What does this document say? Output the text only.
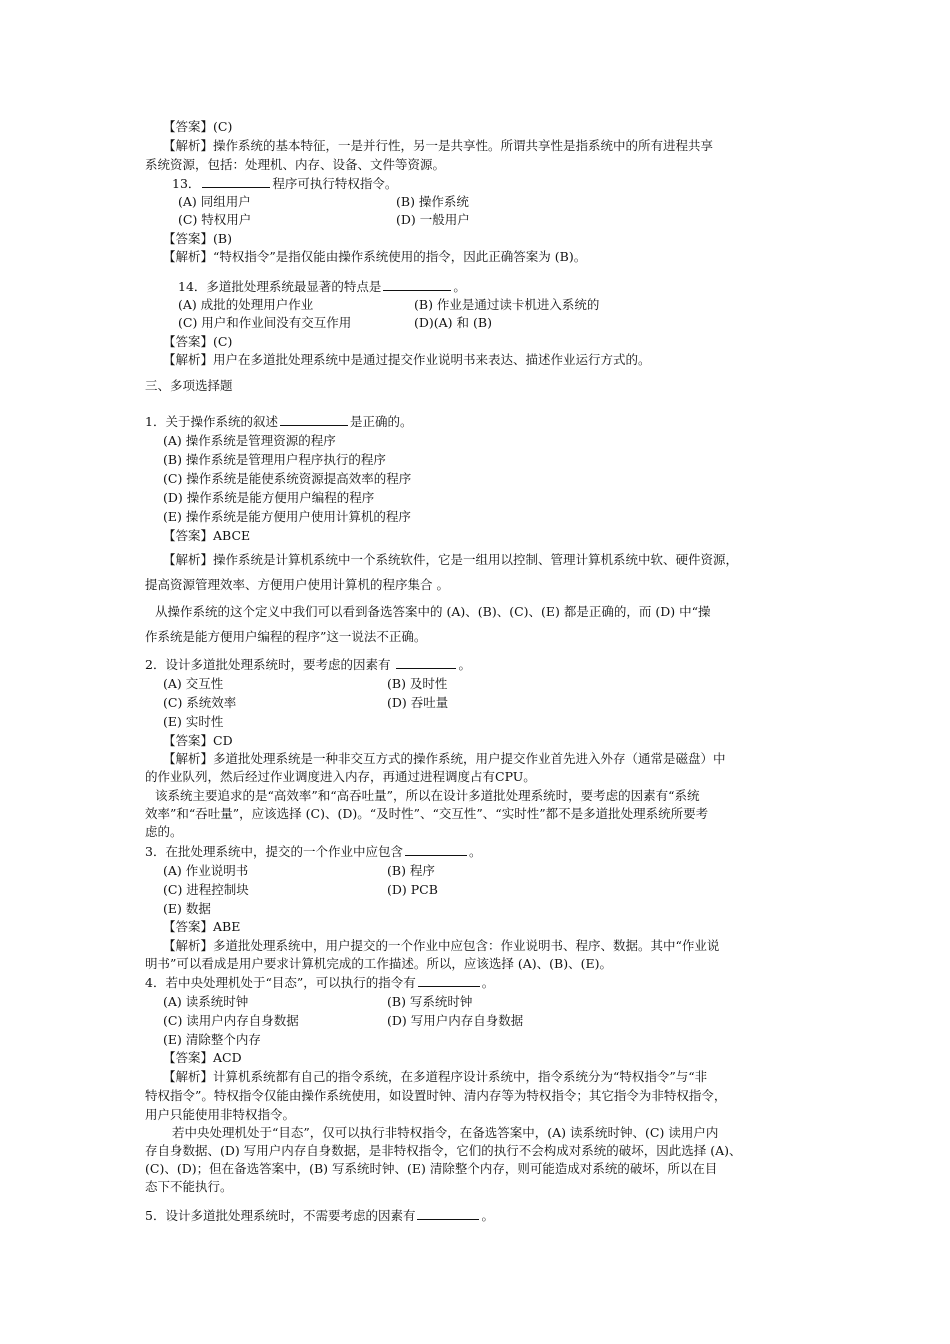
【答案】(C)
【解析】操作系统的基本特征，一是并行性，另一是共享性。所谓共享性是指系统中的所有进程共享
系统资源，包括：处理机、内存、设备、文件等资源。
13．	程序可执行特权指令。
(A) 同组用户	(B) 操作系统
(C) 特权用户	(D) 一般用户
【答案】(B)
【解析】“特权指令”是指仅能由操作系统使用的指令，因此正确答案为 (B)。
14．多道批处理系统最显著的特点是	。
(A) 成批的处理用户作业	(B) 作业是通过读卡机进入系统的
(C) 用户和作业间没有交互作用	(D)(A) 和 (B)
【答案】(C)
【解析】用户在多道批处理系统中是通过提交作业说明书来表达、描述作业运行方式的。
三、多项选择题
1．关于操作系统的叙述	是正确的。
(A) 操作系统是管理资源的程序
(B) 操作系统是管理用户程序执行的程序
(C) 操作系统是能使系统资源提高效率的程序
(D) 操作系统是能方便用户编程的程序
(E) 操作系统是能方便用户使用计算机的程序
【答案】ABCE
【解析】操作系统是计算机系统中一个系统软件，它是一组用以控制、管理计算机系统中软、硬件资源，
提高资源管理效率、方便用户使用计算机的程序集合 。
从操作系统的这个定义中我们可以看到备选答案中的 (A)、(B)、(C)、(E) 都是正确的，而 (D) 中“操
作系统是能方便用户编程的程序”这一说法不正确。
2．设计多道批处理系统时，要考虑的因素有	。
(A) 交互性	(B) 及时性
(C) 系统效率	(D) 吞吐量
(E) 实时性
【答案】CD
【解析】多道批处理系统是一种非交互方式的操作系统，用户提交作业首先进入外存（通常是磁盘）中
的作业队列，然后经过作业调度进入内存，再通过进程调度占有CPU。
该系统主要追求的是“高效率”和“高吞吐量”，所以在设计多道批处理系统时，要考虑的因素有“系统
效率”和“吞吐量”，应该选择 (C)、(D)。“及时性”、“交互性”、“实时性”都不是多道批处理系统所要考
虑的。
3．在批处理系统中，提交的一个作业中应包含	。
(A) 作业说明书	(B) 程序
(C) 进程控制块	(D) PCB
(E) 数据
【答案】ABE
【解析】多道批处理系统中，用户提交的一个作业中应包含：作业说明书、程序、数据。其中“作业说
明书”可以看成是用户要求计算机完成的工作描述。所以，应该选择 (A)、(B)、(E)。
4．若中央处理机处于“目态”，可以执行的指令有	。
(A) 读系统时钟	(B) 写系统时钟
(C) 读用户内存自身数据	(D) 写用户内存自身数据
(E) 清除整个内存
【答案】ACD
【解析】计算机系统都有自己的指令系统，在多道程序设计系统中，指令系统分为“特权指令”与“非
特权指令”。特权指令仅能由操作系统使用，如设置时钟、清内存等为特权指令；其它指令为非特权指令，
用户只能使用非特权指令。
若中央处理机处于“目态”，仅可以执行非特权指令，在备选答案中，(A) 读系统时钟、(C) 读用户内
存自身数据、(D) 写用户内存自身数据，是非特权指令，它们的执行不会构成对系统的破坏，因此选择 (A)、
(C)、(D)；但在备选答案中，(B) 写系统时钟、(E) 清除整个内存，则可能造成对系统的破坏，所以在目
态下不能执行。
5．设计多道批处理系统时，不需要考虑的因素有	。
